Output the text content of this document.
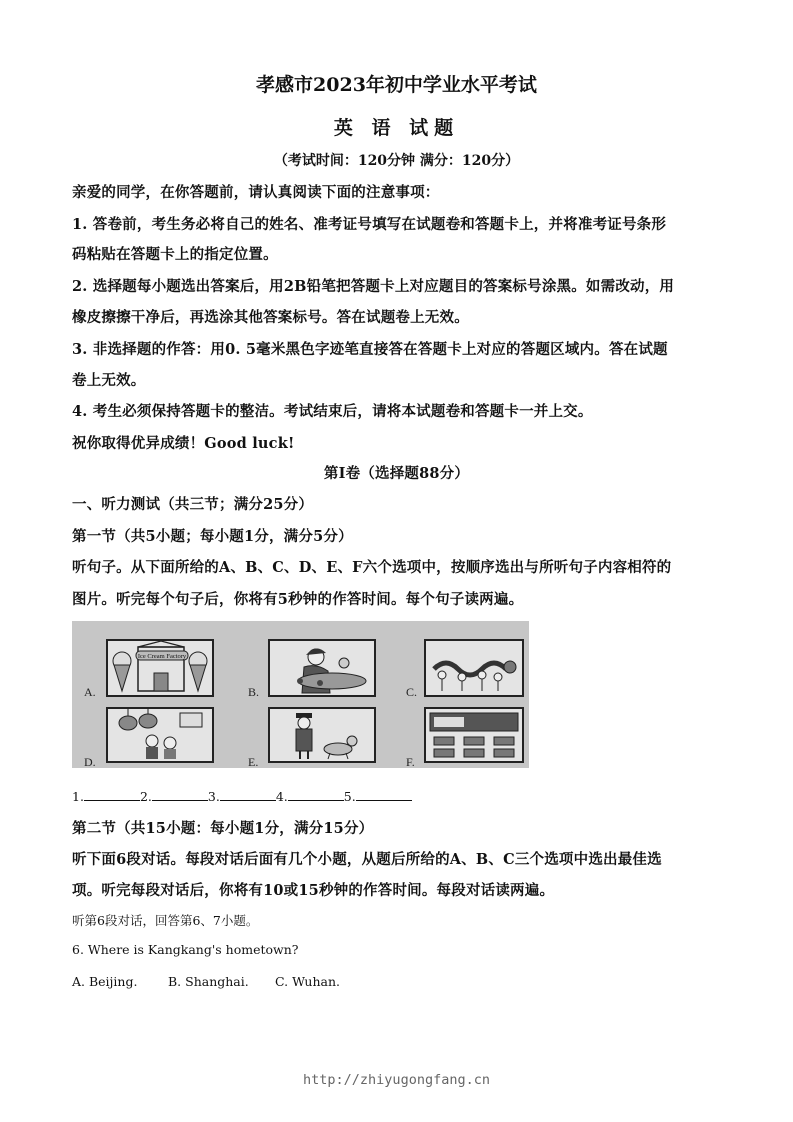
孝感市2023年初中学业水平考试
英 语 试题
（考试时间：120分钟 满分：120分）
亲爱的同学，在你答题前，请认真阅读下面的注意事项：
1. 答卷前，考生务必将自己的姓名、准考证号填写在试题卷和答题卡上，并将准考证号条形
码粘贴在答题卡上的指定位置。
2. 选择题每小题选出答案后，用2B铅笔把答题卡上对应题目的答案标号涂黑。如需改动，用
橡皮擦擦干净后，再选涂其他答案标号。答在试题卷上无效。
3. 非选择题的作答：用0. 5毫米黑色字迹笔直接答在答题卡上对应的答题区域内。答在试题
卷上无效。
4. 考生必须保持答题卡的整洁。考试结束后，请将本试题卷和答题卡一并上交。
祝你取得优异成绩！Good luck!
第Ⅰ卷（选择题88分）
一、听力测试（共三节；满分25分）
第一节（共5小题；每小题1分，满分5分）
听句子。从下面所给的A、B、C、D、E、F六个选项中，按顺序选出与所听句子内容相符的
图片。听完每个句子后，你将有5秒钟的作答时间。每个句子读两遍。
A.
Ice Cream Factory
B.	C.
D.	E.	F.
1.	2.	3.	4.	5.
第二节（共15小题：每小题1分，满分15分）
听下面6段对话。每段对话后面有几个小题，从题后所给的A、B、C三个选项中选出最佳选
项。听完每段对话后，你将有10或15秒钟的作答时间。每段对话读两遍。
听第6段对话，回答第6、7小题。
6. Where is Kangkang's hometown?
A. Beijing. B. Shanghai. C. Wuhan.
http://zhiyugongfang.cn
